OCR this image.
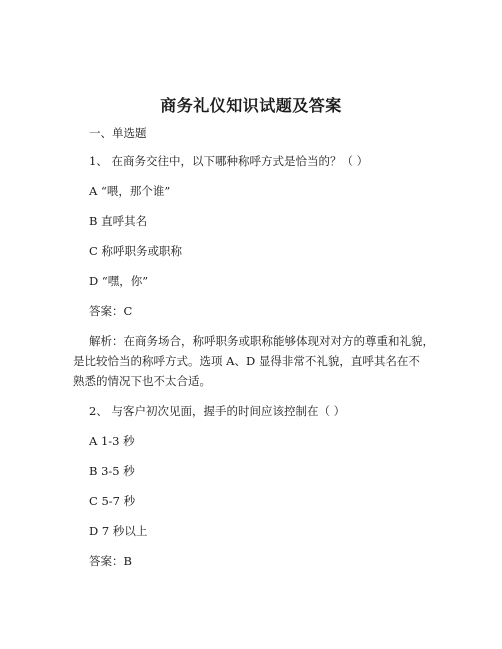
商务礼仪知识试题及答案
一、单选题
1、 在商务交往中，以下哪种称呼方式是恰当的？（ ）
A “喂，那个谁”
B 直呼其名
C 称呼职务或职称
D “嘿，你”
答案：C
解析：在商务场合，称呼职务或职称能够体现对对方的尊重和礼貌，
是比较恰当的称呼方式。选项 A、D 显得非常不礼貌，直呼其名在不
熟悉的情况下也不太合适。
2、 与客户初次见面，握手的时间应该控制在（ ）
A 1-3 秒
B 3-5 秒
C 5-7 秒
D 7 秒以上
答案：B
